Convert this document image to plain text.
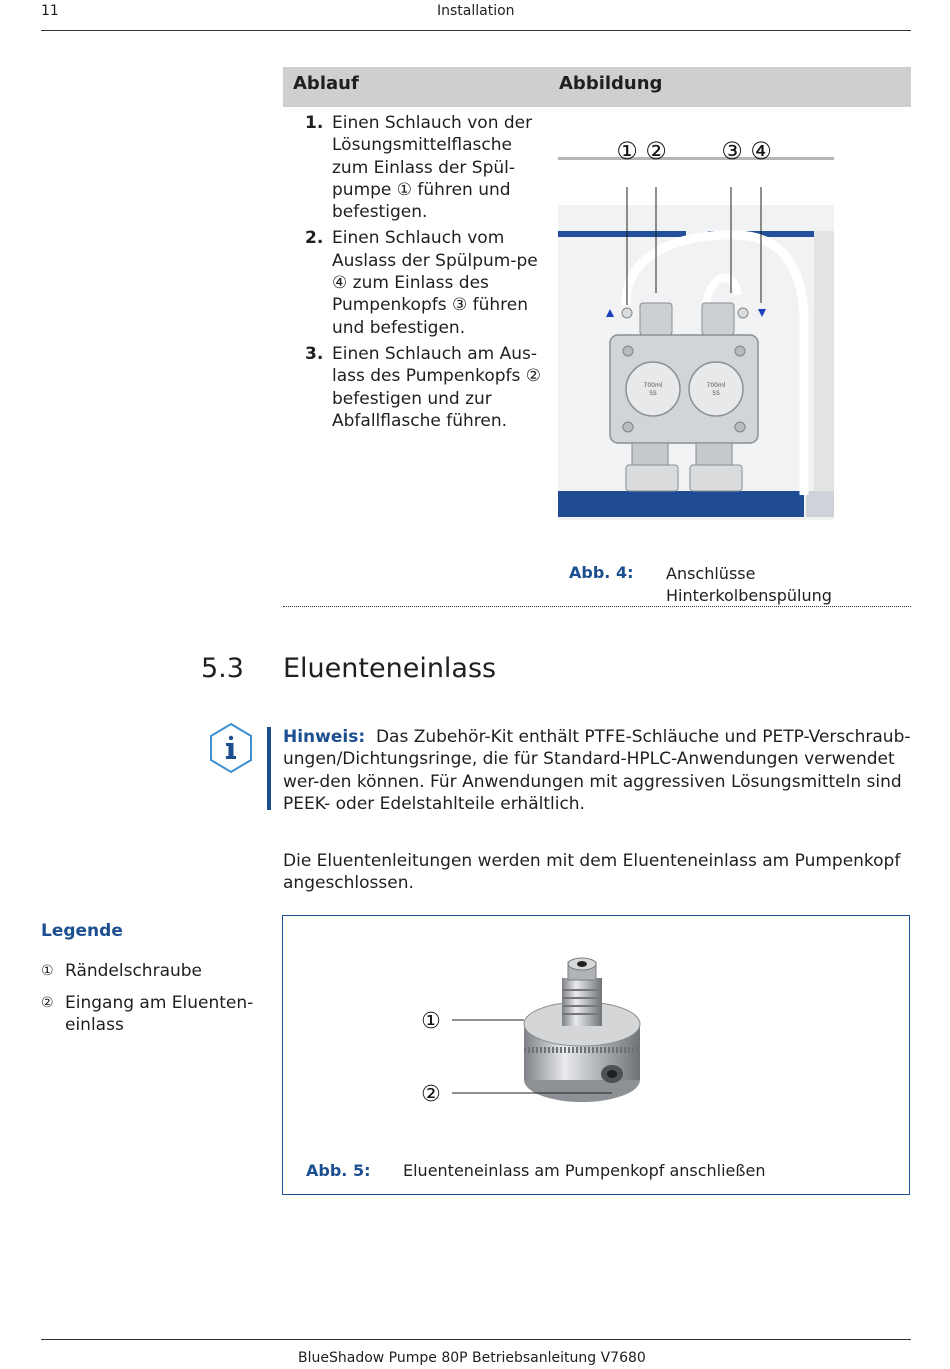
11	Installation
Ablauf	Abbildung
1. Einen Schlauch von der Lösungsmittelflasche zum Einlass der Spül-pumpe ① führen und befestigen.
2. Einen Schlauch vom Auslass der Spülpum-pe ④ zum Einlass des Pumpenkopfs ③ führen und befestigen.
3. Einen Schlauch am Aus-lass des Pumpenkopfs ② befestigen und zur Abfallflasche führen.
① ② ③ ④
700ml
SS
700ml
SS
Abb. 4: Anschlüsse Hinterkolbenspülung
5.3 Eluenteneinlass
Hinweis: Das Zubehör-Kit enthält PTFE-Schläuche und PETP-Verschraub-ungen/Dichtungsringe, die für Standard-HPLC-Anwendungen verwendet wer-den können. Für Anwendungen mit aggressiven Lösungsmitteln sind PEEK- oder Edelstahlteile erhältlich.
Die Eluentenleitungen werden mit dem Eluenteneinlass am Pumpenkopf angeschlossen.
Legende
① Rändelschraube
② Eingang am Eluenten-einlass	①
②
Abb. 5: Eluenteneinlass am Pumpenkopf anschließen
BlueShadow Pumpe 80P Betriebsanleitung V7680
